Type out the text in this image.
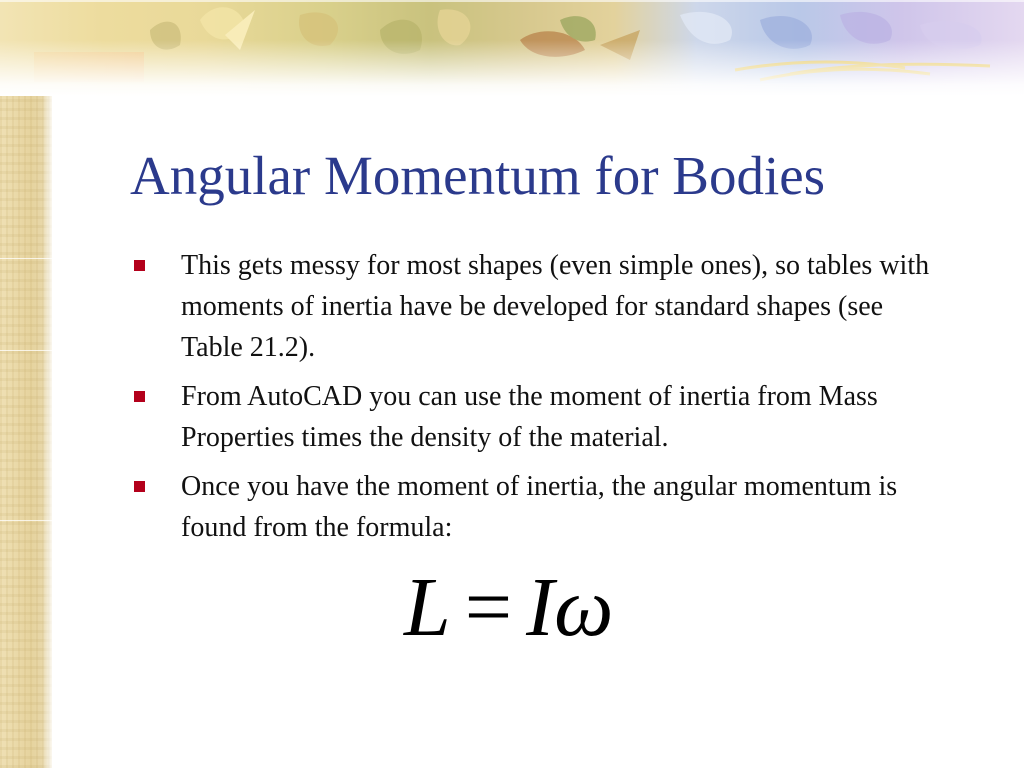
Angular Momentum for Bodies
This gets messy for most shapes (even simple ones), so tables with moments of inertia have be developed for standard shapes (see Table 21.2).
From AutoCAD you can use the moment of inertia from Mass Properties times the density of the material.
Once you have the moment of inertia, the angular momentum is found from the formula:
L = Iω
